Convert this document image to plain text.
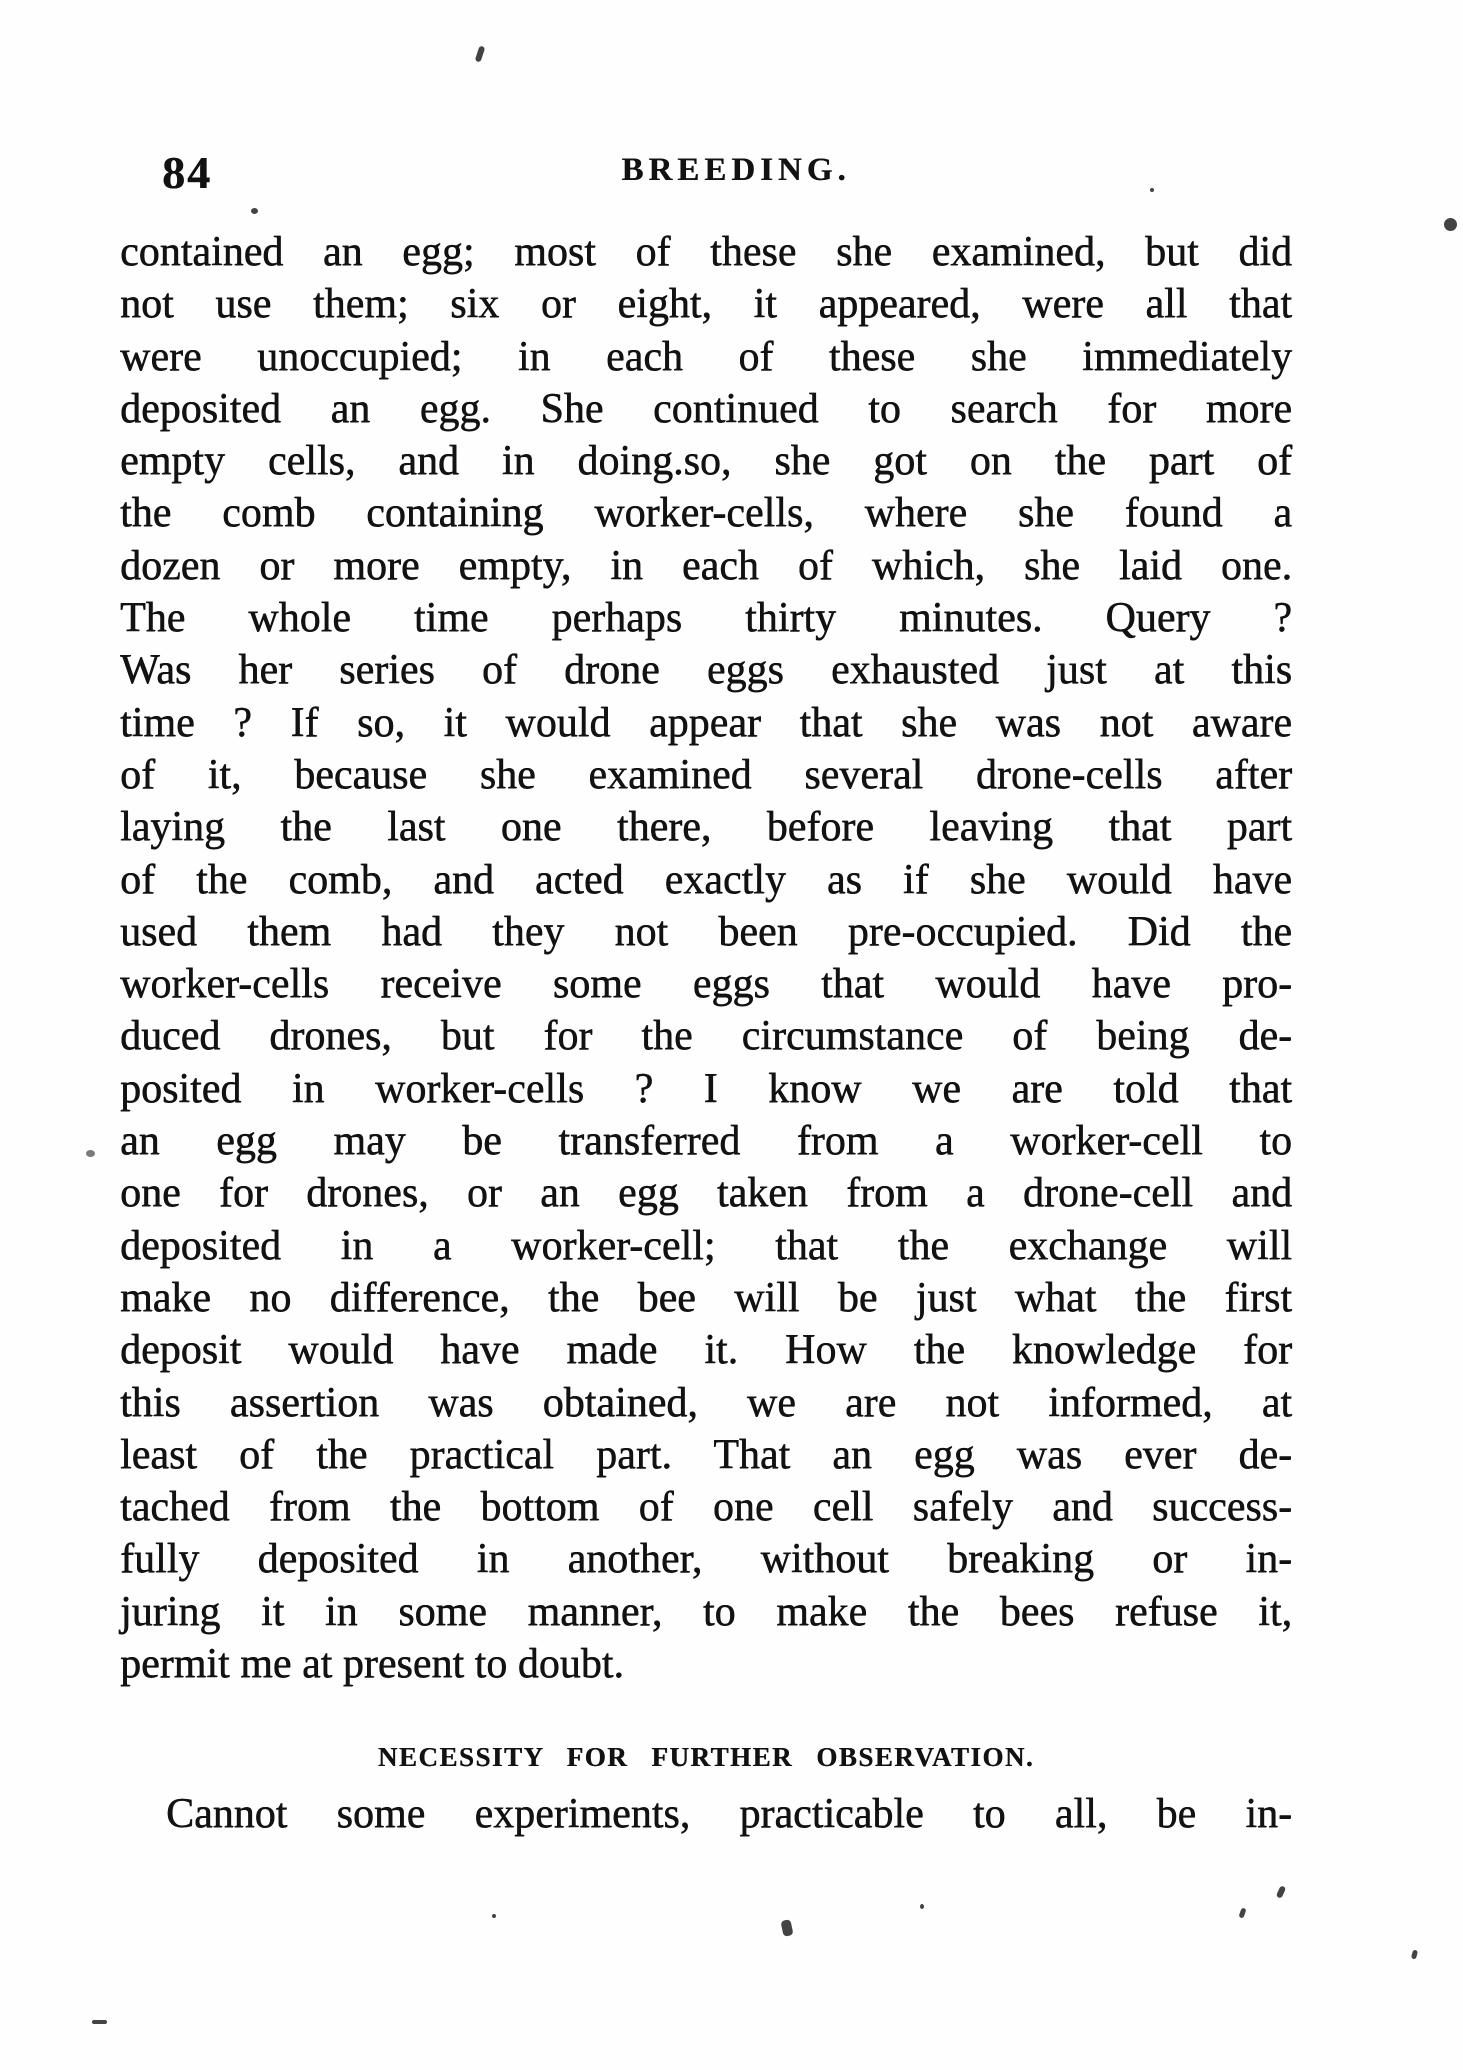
84	BREEDING.
contained an egg; most of these she examined, but did
not use them; six or eight, it appeared, were all that
were unoccupied; in each of these she immediately
deposited an egg. She continued to search for more
empty cells, and in doing.so, she got on the part of
the comb containing worker-cells, where she found a
dozen or more empty, in each of which, she laid one.
The whole time perhaps thirty minutes. Query ?
Was her series of drone eggs exhausted just at this
time ? If so, it would appear that she was not aware
of it, because she examined several drone-cells after
laying the last one there, before leaving that part
of the comb, and acted exactly as if she would have
used them had they not been pre-occupied. Did the
worker-cells receive some eggs that would have pro-
duced drones, but for the circumstance of being de-
posited in worker-cells ? I know we are told that
an egg may be transferred from a worker-cell to
one for drones, or an egg taken from a drone-cell and
deposited in a worker-cell; that the exchange will
make no difference, the bee will be just what the first
deposit would have made it. How the knowledge for
this assertion was obtained, we are not informed, at
least of the practical part. That an egg was ever de-
tached from the bottom of one cell safely and success-
fully deposited in another, without breaking or in-
juring it in some manner, to make the bees refuse it,
permit me at present to doubt.
NECESSITY FOR FURTHER OBSERVATION.
Cannot some experiments, practicable to all, be in-
